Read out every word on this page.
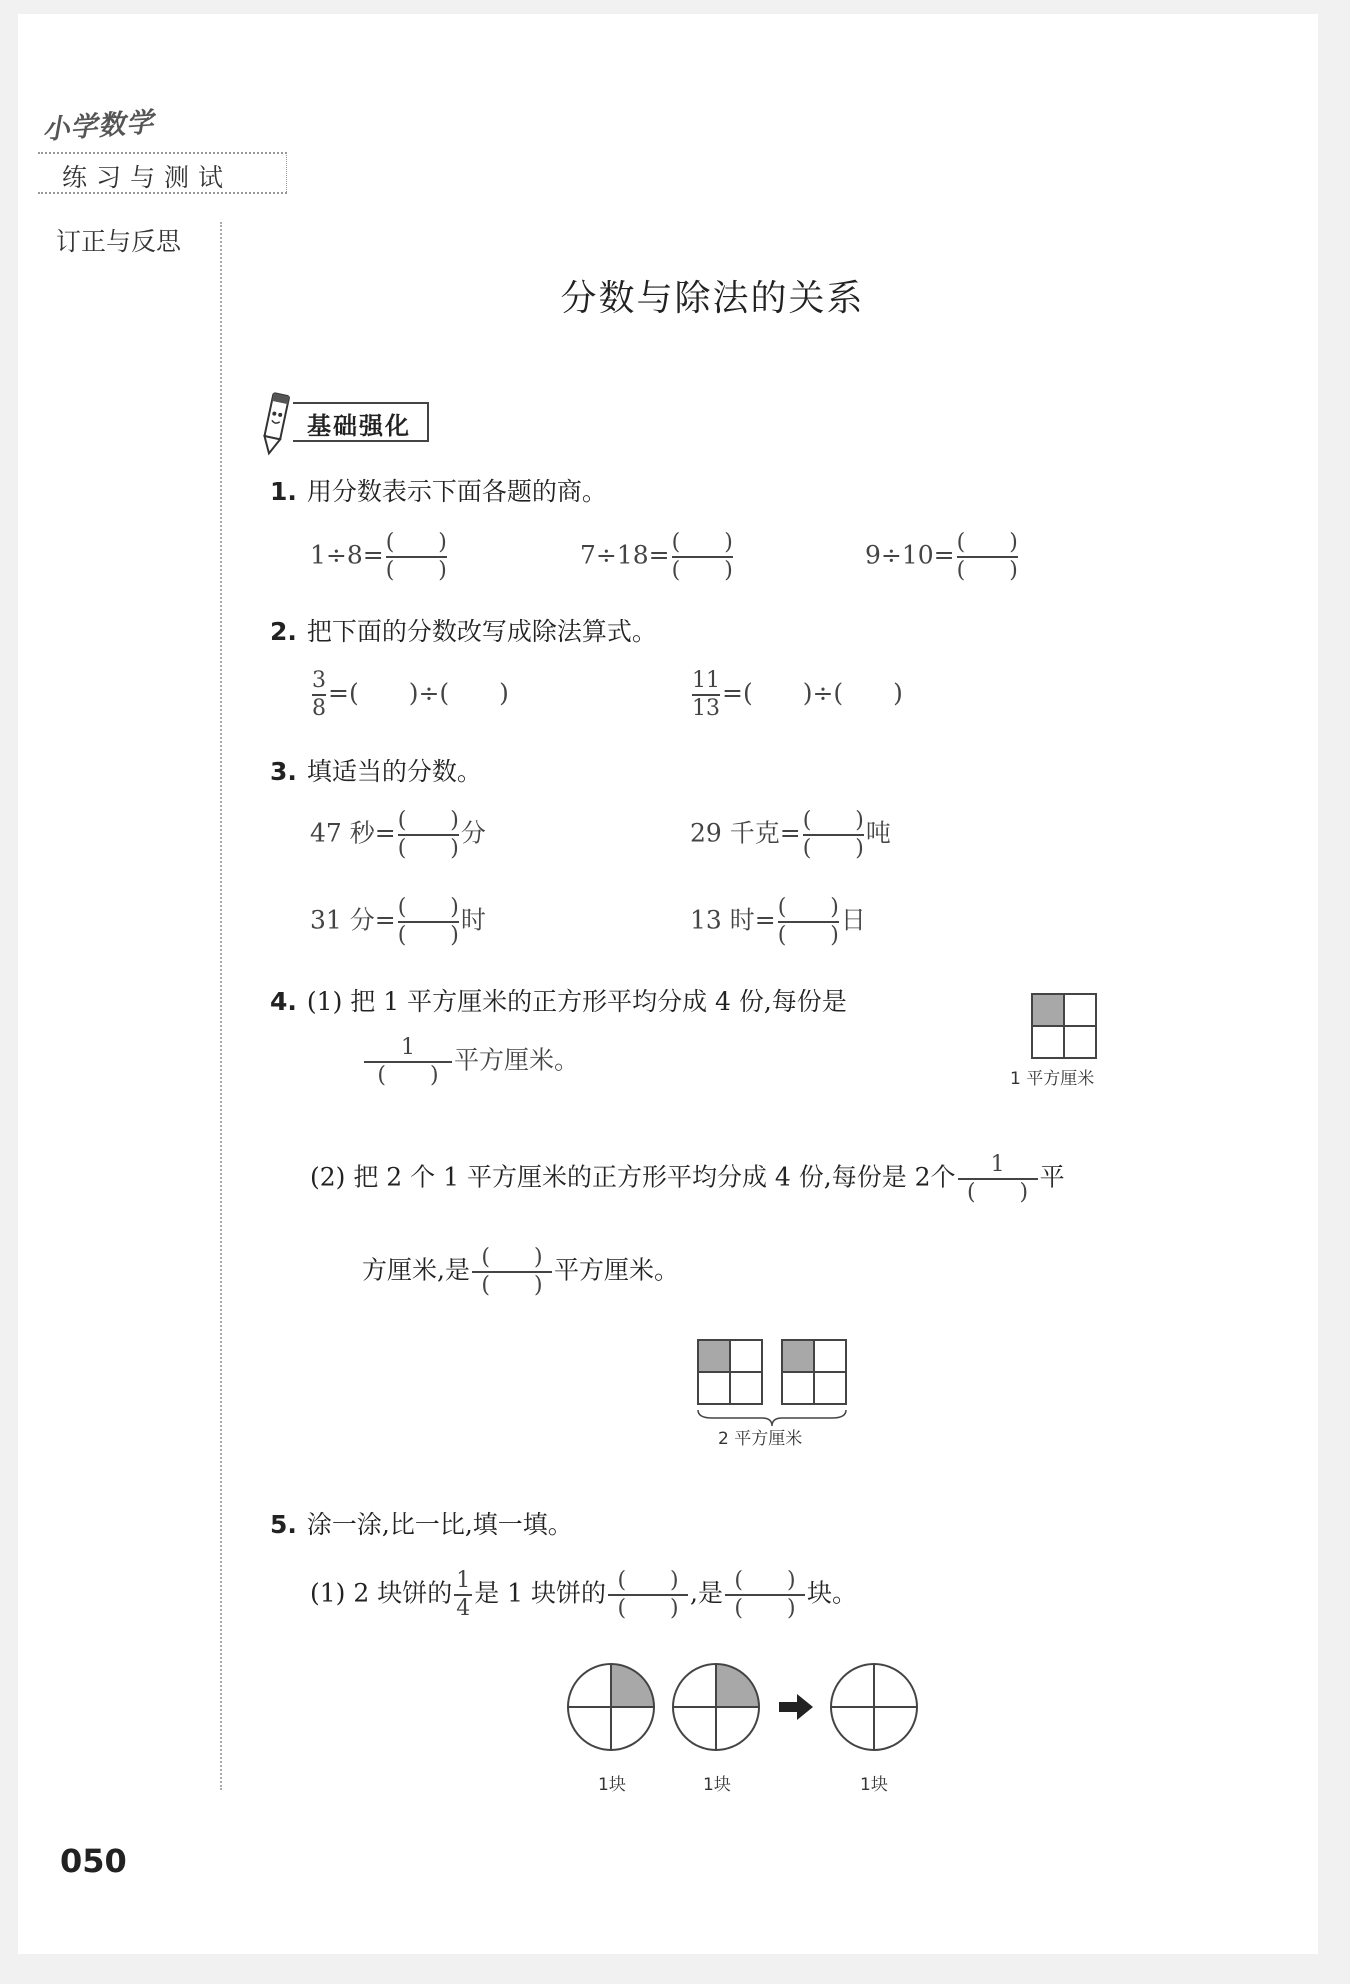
小学数学
练习与测试
订正与反思
分数与除法的关系
基础强化
1. 用分数表示下面各题的商。
$1\div 8= \frac{( )}{( )}$	$7\div 18= \frac{( )}{( )}$	$9\div 10= \frac{( )}{( )}$
2. 把下面的分数改写成除法算式。
$\frac{3}{8}$ =(　　)÷(　　)	$\frac{11}{13}$ =(　　)÷(　　)
3. 填适当的分数。
47 秒= $\frac{( )}{( )}$ 分	29 千克= $\frac{( )}{( )}$ 吨
31 分= $\frac{( )}{( )}$ 时	13 时= $\frac{( )}{( )}$ 日
4. (1) 把 1 平方厘米的正方形平均分成 4 份,每份是
$\frac{1}{( )}$ 平方厘米。
1 平方厘米
(2) 把 2 个 1 平方厘米的正方形平均分成 4 份,每份是 2个 $\frac{1}{( )}$ 平
方厘米,是 $\frac{( )}{( )}$ 平方厘米。
2 平方厘米
5. 涂一涂,比一比,填一填。
(1) 2 块饼的 $\frac{1}{4}$ 是 1 块饼的 $\frac{( )}{( )}$ ,是 $\frac{( )}{( )}$ 块。
1块	1块	1块
050
